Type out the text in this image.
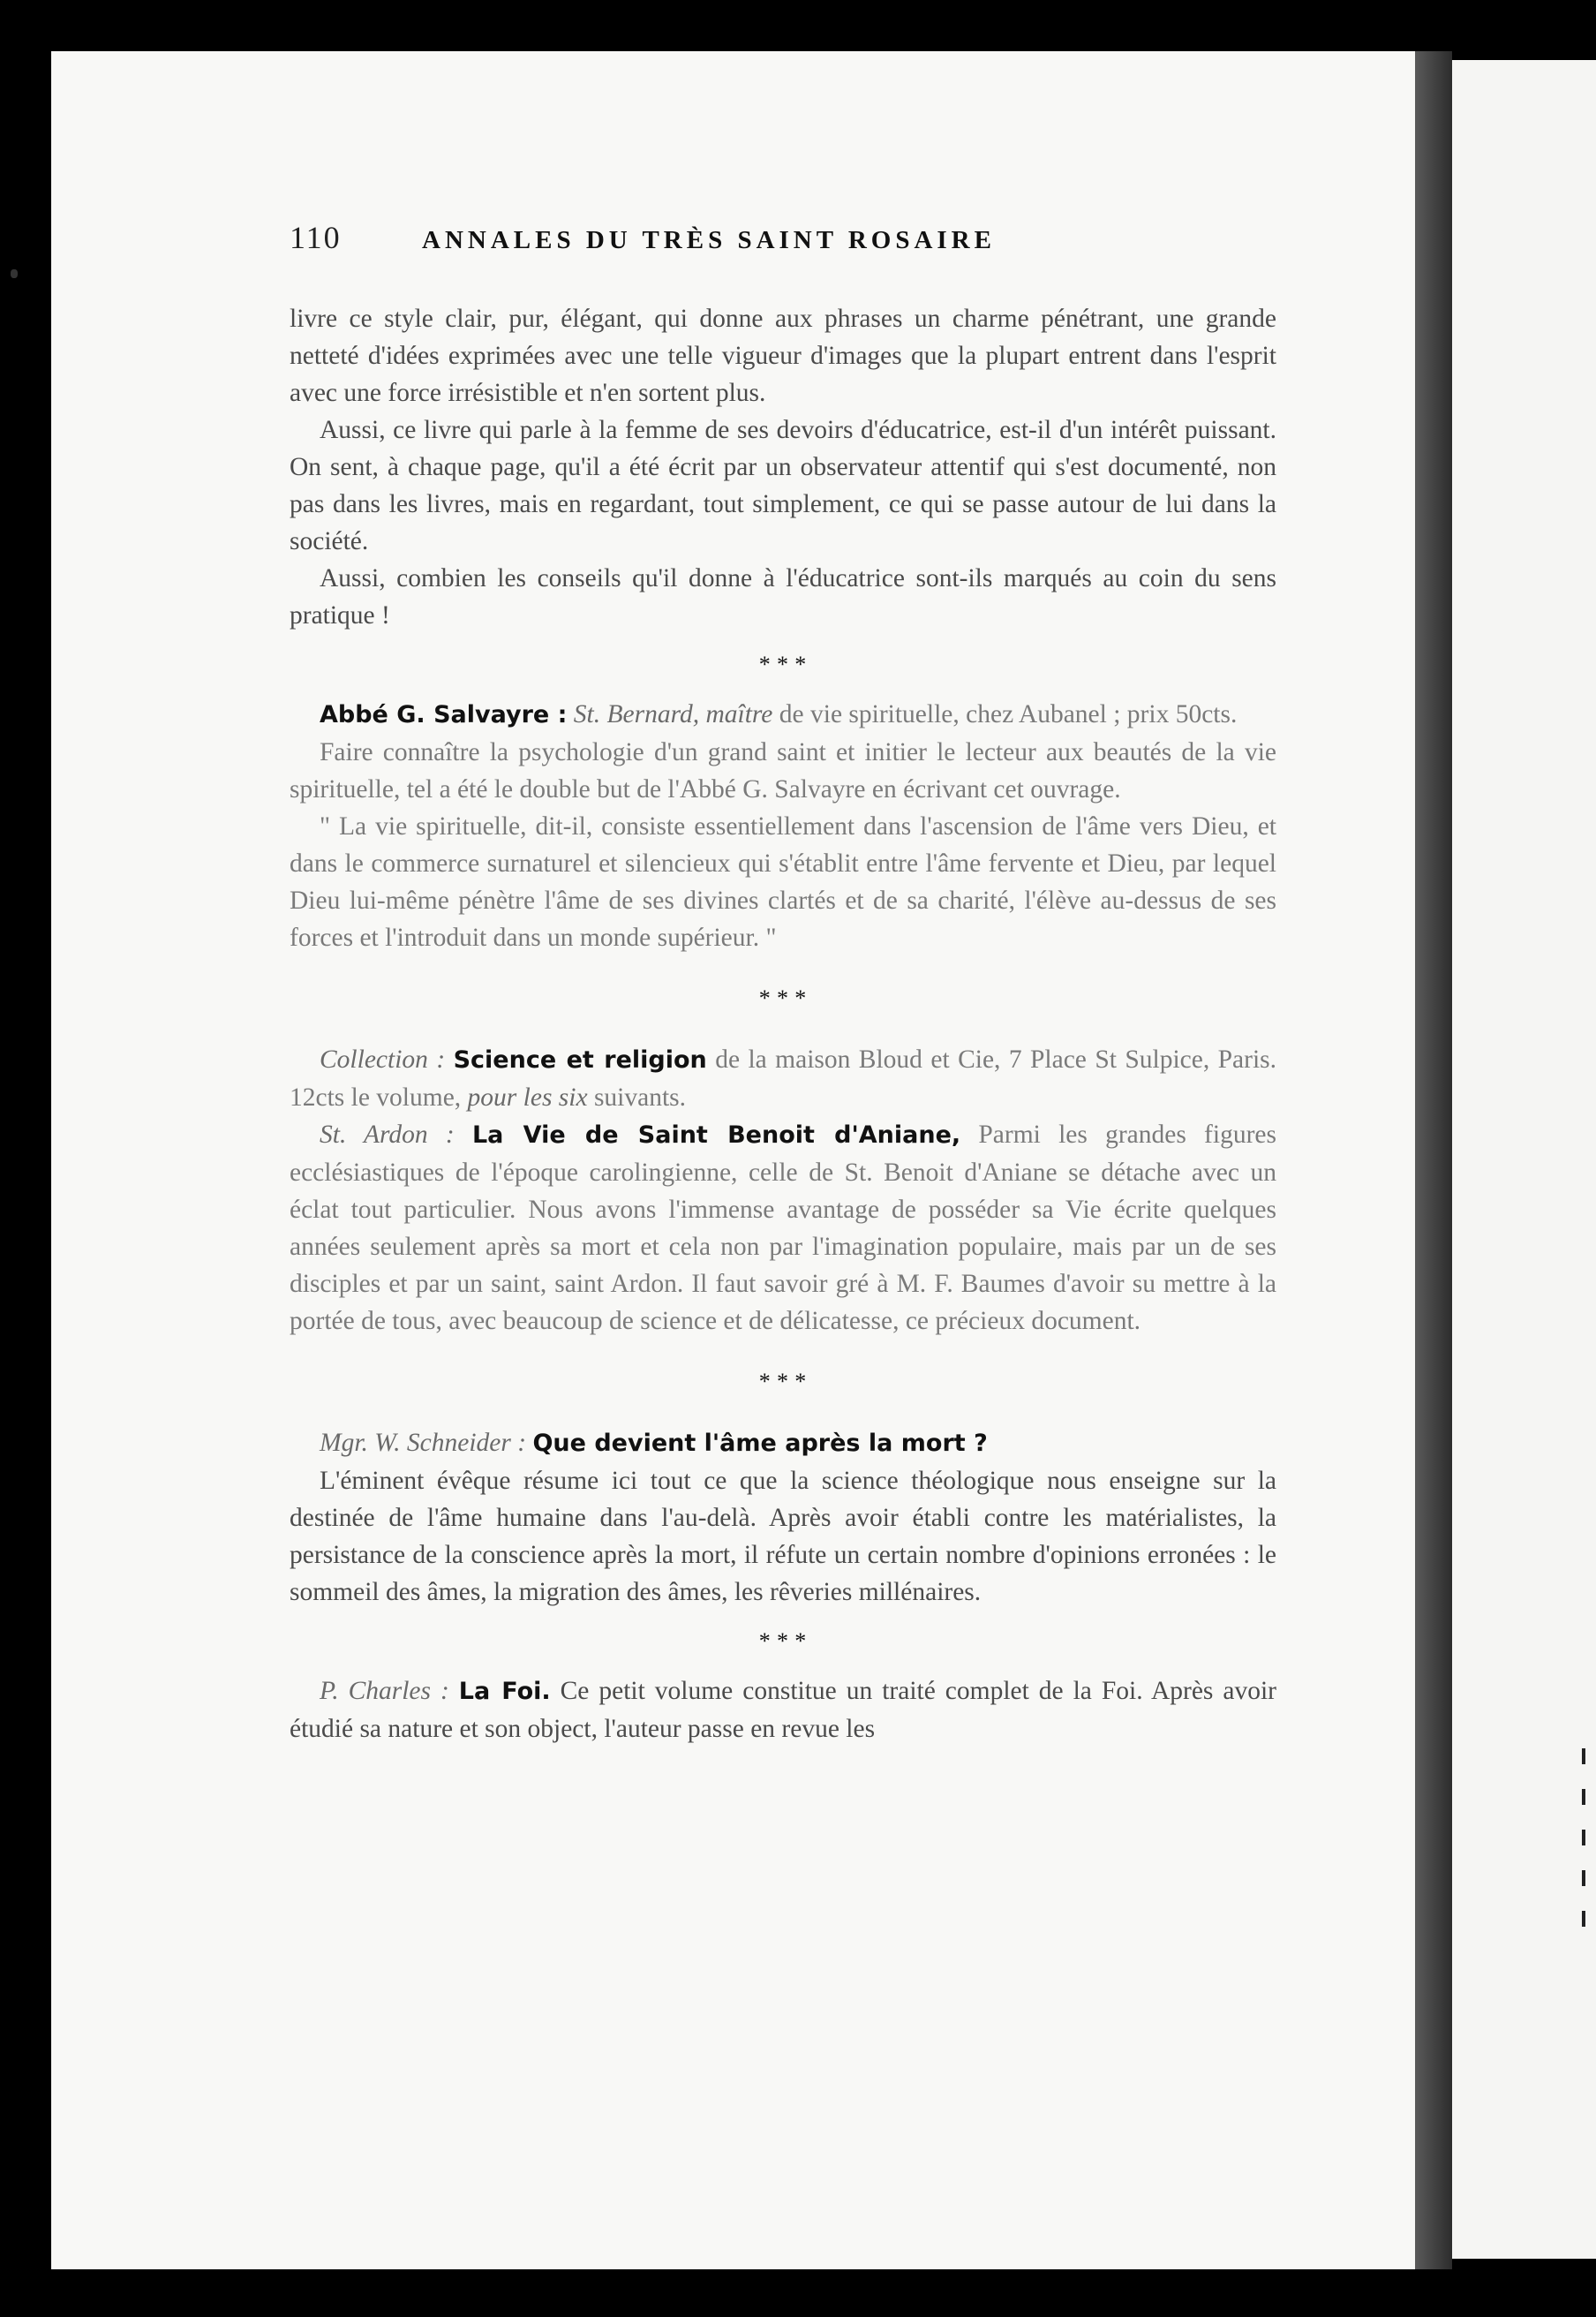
110	ANNALES DU TRÈS SAINT ROSAIRE

livre ce style clair, pur, élégant, qui donne aux phrases un charme pénétrant, une grande netteté d'idées exprimées avec une telle vigueur d'images que la plupart entrent dans l'esprit avec une force irrésistible et n'en sortent plus.

Aussi, ce livre qui parle à la femme de ses devoirs d'éducatrice, est-il d'un intérêt puissant. On sent, à chaque page, qu'il a été écrit par un observateur attentif qui s'est documenté, non pas dans les livres, mais en regardant, tout simplement, ce qui se passe autour de lui dans la société.

Aussi, combien les conseils qu'il donne à l'éducatrice sont-ils marqués au coin du sens pratique !

* * *

Abbé G. Salvayre : St. Bernard, maître de vie spirituelle, chez Aubanel ; prix 50cts.

Faire connaître la psychologie d'un grand saint et initier le lecteur aux beautés de la vie spirituelle, tel a été le double but de l'Abbé G. Salvayre en écrivant cet ouvrage.

" La vie spirituelle, dit-il, consiste essentiellement dans l'ascension de l'âme vers Dieu, et dans le commerce surnaturel et silencieux qui s'établit entre l'âme fervente et Dieu, par lequel Dieu lui-même pénètre l'âme de ses divines clartés et de sa charité, l'élève au-dessus de ses forces et l'introduit dans un monde supérieur. "

* * *

Collection : Science et religion de la maison Bloud et Cie, 7 Place St Sulpice, Paris. 12cts le volume, pour les six suivants.

St. Ardon : La Vie de Saint Benoit d'Aniane, Parmi les grandes figures ecclésiastiques de l'époque carolingienne, celle de St. Benoit d'Aniane se détache avec un éclat tout particulier. Nous avons l'immense avantage de posséder sa Vie écrite quelques années seulement après sa mort et cela non par l'imagination populaire, mais par un de ses disciples et par un saint, saint Ardon. Il faut savoir gré à M. F. Baumes d'avoir su mettre à la portée de tous, avec beaucoup de science et de délicatesse, ce précieux document.

* * *

Mgr. W. Schneider : Que devient l'âme après la mort ?

L'éminent évêque résume ici tout ce que la science théologique nous enseigne sur la destinée de l'âme humaine dans l'au-delà. Après avoir établi contre les matérialistes, la persistance de la conscience après la mort, il réfute un certain nombre d'opinions erronées : le sommeil des âmes, la migration des âmes, les rêveries millénaires.

* * *

P. Charles : La Foi. Ce petit volume constitue un traité complet de la Foi. Après avoir étudié sa nature et son object, l'auteur passe en revue les
